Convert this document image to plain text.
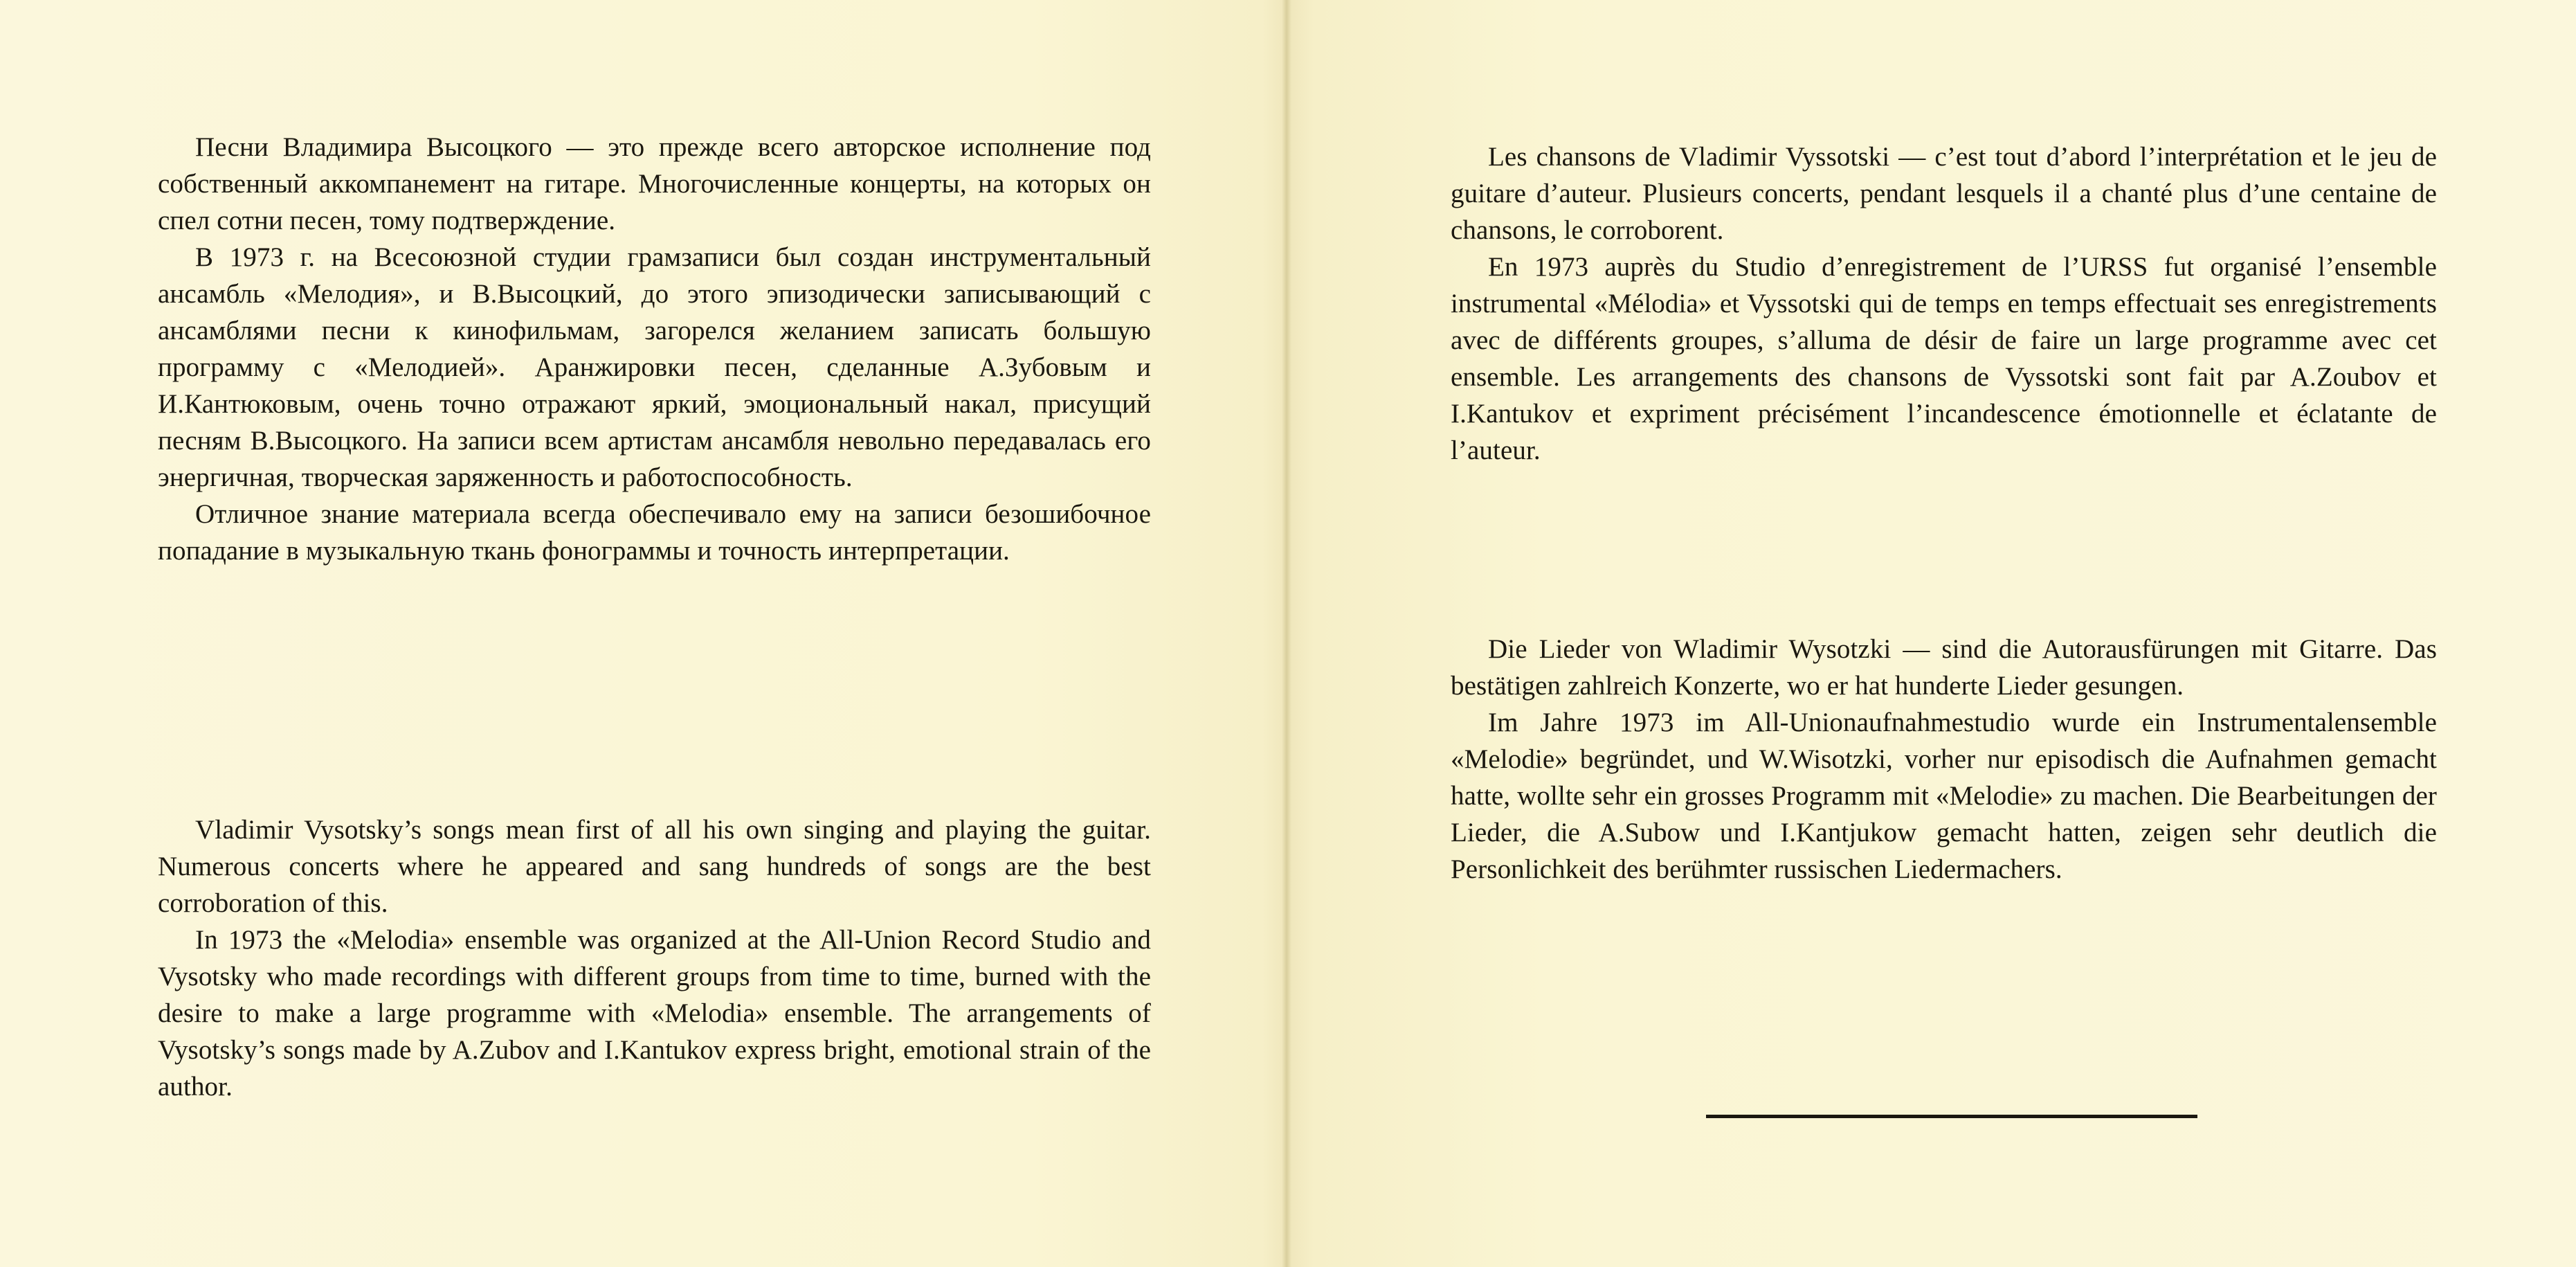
Песни Владимира Высоцкого — это прежде всего авторское исполнение под собственный аккомпанемент на гитаре. Многочисленные концерты, на которых он спел сотни песен, тому подтверждение.

В 1973 г. на Всесоюзной студии грамзаписи был создан инструментальный ансамбль «Мелодия», и В.Высоцкий, до этого эпизодически записывающий с ансамблями песни к кинофильмам, загорелся желанием записать большую программу с «Мелодией». Аранжировки песен, сделанные А.Зубовым и И.Кантюковым, очень точно отражают яркий, эмоциональный накал, присущий песням В.Высоцкого. На записи всем артистам ансамбля невольно передавалась его энергичная, творческая заряженность и работоспособность.

Отличное знание материала всегда обеспечивало ему на записи безошибочное попадание в музыкальную ткань фонограммы и точность интерпретации.

Vladimir Vysotsky’s songs mean first of all his own singing and playing the guitar. Numerous concerts where he appeared and sang hundreds of songs are the best corroboration of this.

In 1973 the «Melodia» ensemble was organized at the All-Union Record Studio and Vysotsky who made recordings with different groups from time to time, burned with the desire to make a large programme with «Melodia» ensemble. The arrangements of Vysotsky’s songs made by A.Zubov and I.Kantukov express bright, emotional strain of the author.

Les chansons de Vladimir Vyssotski — c’est tout d’abord l’interprétation et le jeu de guitare d’auteur. Plusieurs concerts, pendant lesquels il a chanté plus d’une centaine de chansons, le corroborent.

En 1973 auprès du Studio d’enregistrement de l’URSS fut organisé l’ensemble instrumental «Mélodia» et Vyssotski qui de temps en temps effectuait ses enregistrements avec de différents groupes, s’alluma de désir de faire un large programme avec cet ensemble. Les arrangements des chansons de Vyssotski sont fait par A.Zoubov et I.Kantukov et expriment précisément l’incandescence émotionnelle et éclatante de l’auteur.

Die Lieder von Wladimir Wysotzki — sind die Autorausfürungen mit Gitarre. Das bestätigen zahlreich Konzerte, wo er hat hunderte Lieder gesungen.

Im Jahre 1973 im All-Unionaufnahmestudio wurde ein Instrumentalensemble «Melodie» begründet, und W.Wisotzki, vorher nur episodisch die Aufnahmen gemacht hatte, wollte sehr ein grosses Programm mit «Melodie» zu machen. Die Bearbeitungen der Lieder, die A.Subow und I.Kantjukow gemacht hatten, zeigen sehr deutlich die Personlichkeit des berühmter russischen Liedermachers.
